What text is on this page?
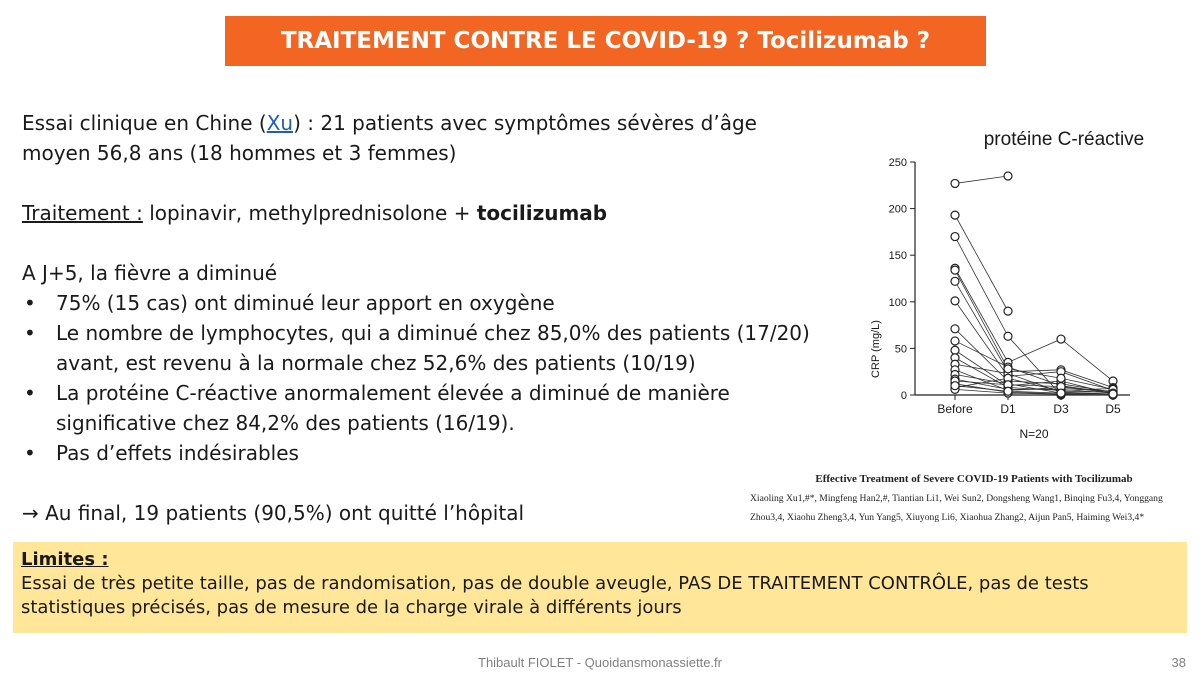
TRAITEMENT CONTRE LE COVID-19 ? Tocilizumab ?

Essai clinique en Chine (Xu) : 21 patients avec symptômes sévères d’âge

moyen 56,8 ans (18 hommes et 3 femmes)

Traitement : lopinavir, methylprednisolone + tocilizumab

A J+5, la fièvre a diminué

• 75% (15 cas) ont diminué leur apport en oxygène
• Le nombre de lymphocytes, qui a diminué chez 85,0% des patients (17/20)
avant, est revenu à la normale chez 52,6% des patients (10/19)
• La protéine C-réactive anormalement élevée a diminué de manière
significative chez 84,2% des patients (16/19).
• Pas d’effets indésirables

→ Au final, 19 patients (90,5%) ont quitté l’hôpital

protéine C-réactive
CRP (mg/L)
N=20
0
50
100
150
200
250
Before D1	D3	D5
Effective Treatment of Severe COVID-19 Patients with Tocilizumab
Xiaoling Xu1,#*, Mingfeng Han2,#, Tiantian Li1, Wei Sun2, Dongsheng Wang1, Binqing Fu3,4, Yonggang
Zhou3,4, Xiaohu Zheng3,4, Yun Yang5, Xiuyong Li6, Xiaohua Zhang2, Aijun Pan5, Haiming Wei3,4*
Limites :
Essai de très petite taille, pas de randomisation, pas de double aveugle, PAS DE TRAITEMENT CONTRÔLE, pas de tests statistiques précisés, pas de mesure de la charge virale à différents jours
Thibault FIOLET - Quoidansmonassiette.fr	38
